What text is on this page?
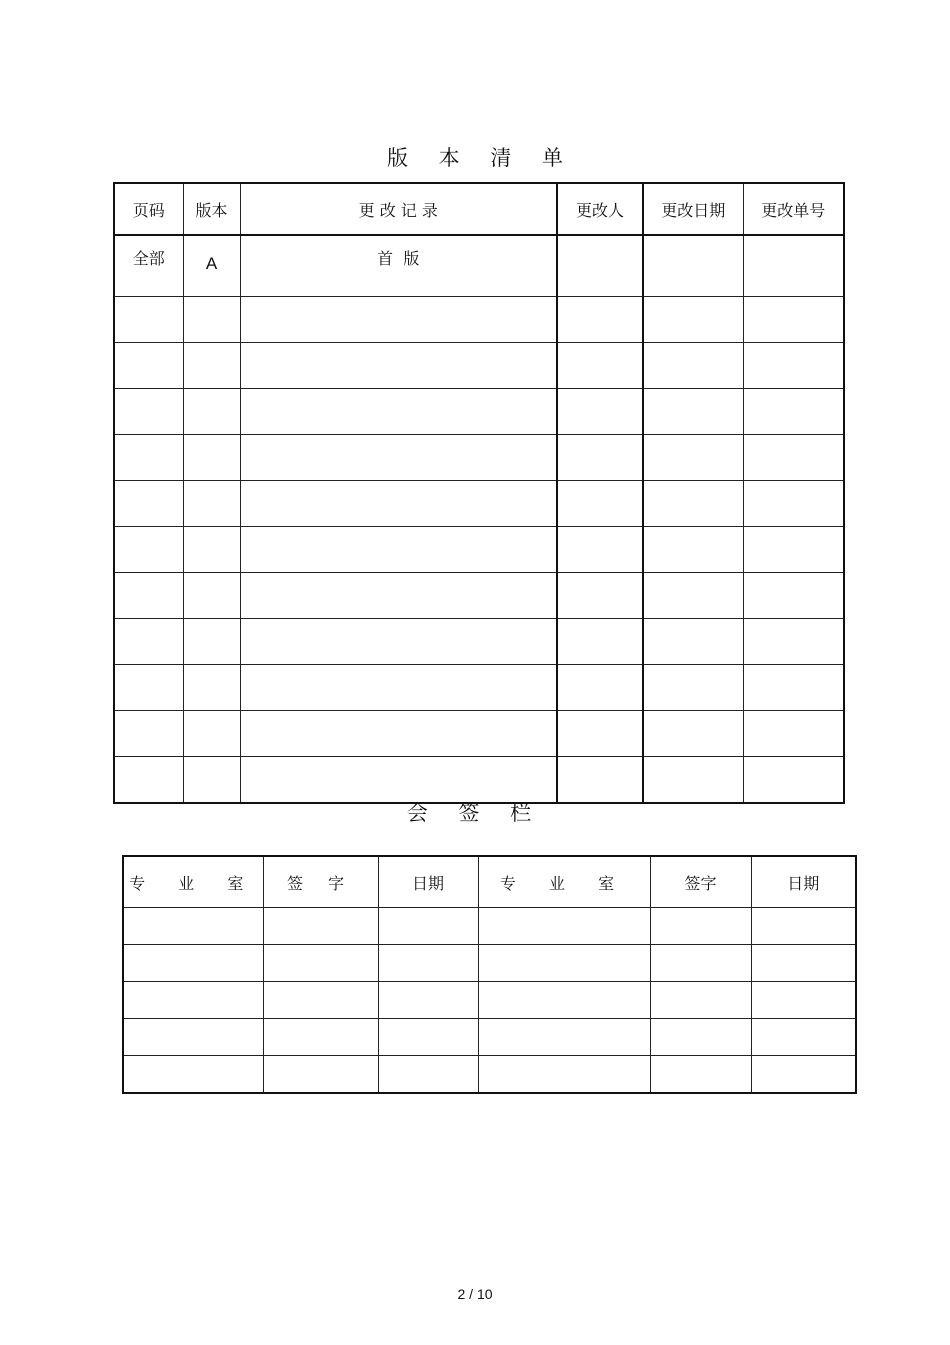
版 本 清 单
页码	版本	更 改 记 录	更改人	更改日期	更改单号
全部	A	首  版			

会 签 栏
专 业 室	签 字	日期	专 业 室	签字	日期

2 / 10
